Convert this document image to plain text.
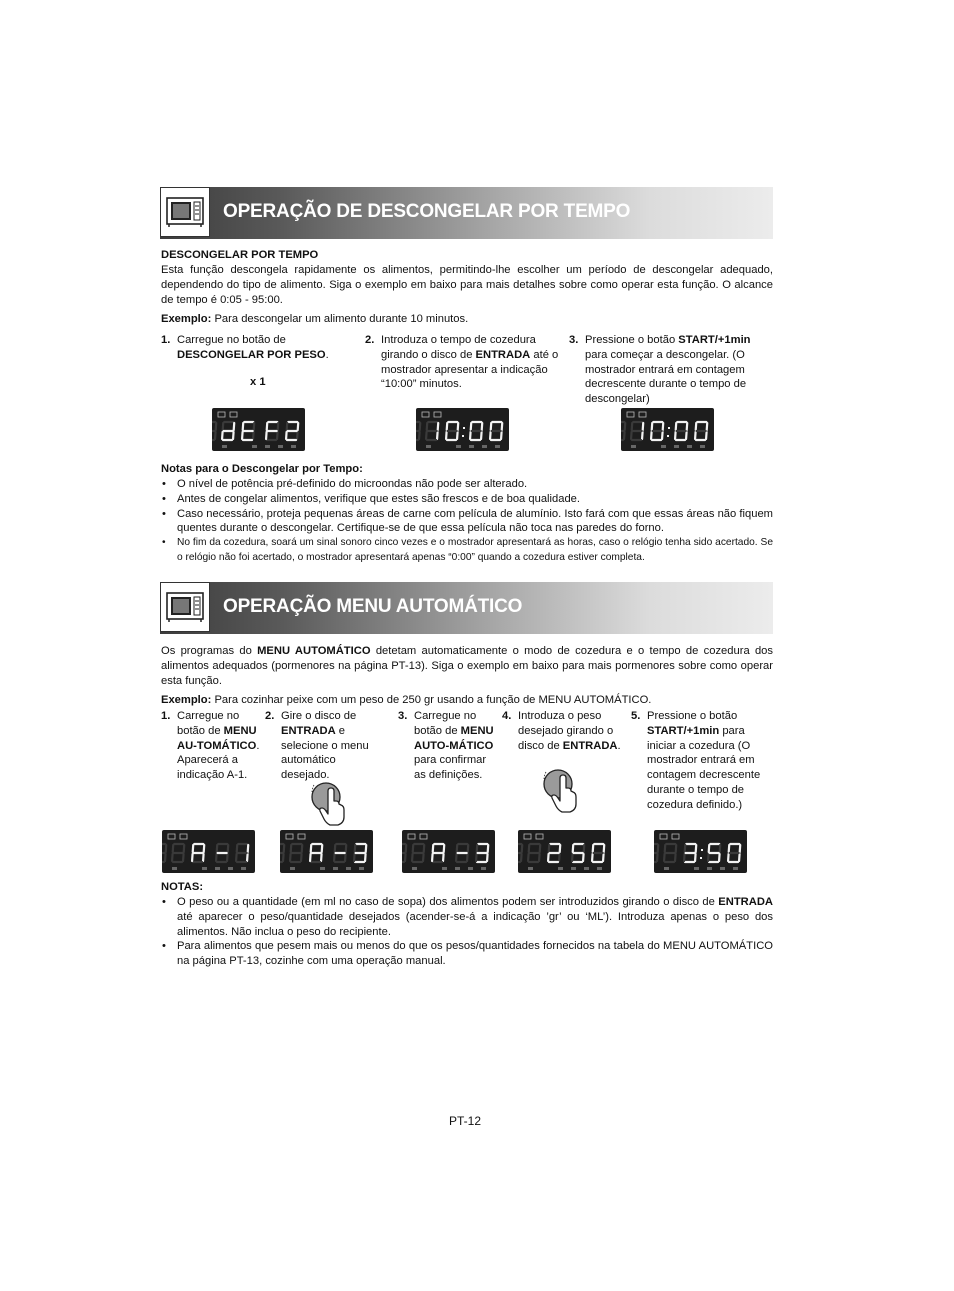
OPERAÇÃO DE DESCONGELAR POR TEMPO
DESCONGELAR POR TEMPO
Esta função descongela rapidamente os alimentos, permitindo-lhe escolher um período de descongelar adequado, dependendo do tipo de alimento. Siga o exemplo em baixo para mais detalhes sobre como operar esta função. O alcance de tempo é 0:05 - 95:00.
Exemplo: Para descongelar um alimento durante 10 minutos.
1. Carregue no botão de
DESCONGELAR POR PESO.
x 1
2. Introduza o tempo de cozedura girando o disco de ENTRADA até o mostrador apresentar a indicação “10:00” minutos.
3. Pressione o botão START/+1min para começar a descongelar. (O mostrador entrará em contagem decrescente durante o tempo de descongelar)
Notas para o Descongelar por Tempo:
• O nível de potência pré-definido do microondas não pode ser alterado.
• Antes de congelar alimentos, verifique que estes são frescos e de boa qualidade.
• Caso necessário, proteja pequenas áreas de carne com película de alumínio. Isto fará com que essas áreas não fiquem quentes durante o descongelar. Certifique-se de que essa película não toca nas paredes do forno.
• No fim da cozedura, soará um sinal sonoro cinco vezes e o mostrador apresentará as horas, caso o relógio tenha sido acertado. Se o relógio não foi acertado, o mostrador apresentará apenas “0:00” quando a cozedura estiver completa.
OPERAÇÃO MENU AUTOMÁTICO
Os programas do MENU AUTOMÁTICO detetam automaticamente o modo de cozedura e o tempo de cozedura dos alimentos adequados (pormenores na página PT-13). Siga o exemplo em baixo para mais pormenores sobre como operar esta função.
Exemplo: Para cozinhar peixe com um peso de 250 gr usando a função de MENU AUTOMÁTICO.
1. Carregue no botão de MENU AU-TOMÁTICO. Aparecerá a indicação A-1.
2. Gire o disco de ENTRADA e selecione o menu automático desejado.
3. Carregue no botão de MENU AUTO-MÁTICO para confirmar as definições.
4. Introduza o peso desejado girando o disco de ENTRADA.
5. Pressione o botão START/+1min para iniciar a cozedura (O mostrador entrará em contagem decrescente durante o tempo de cozedura definido.)
NOTAS:
• O peso ou a quantidade (em ml no caso de sopa) dos alimentos podem ser introduzidos girando o disco de ENTRADA até aparecer o peso/quantidade desejados (acender-se-á a indicação ’gr’ ou ‘ML’). Introduza apenas o peso dos alimentos. Não inclua o peso do recipiente.
• Para alimentos que pesem mais ou menos do que os pesos/quantidades fornecidos na tabela do MENU AUTOMÁTICO na página PT-13, cozinhe com uma operação manual.
PT-12
